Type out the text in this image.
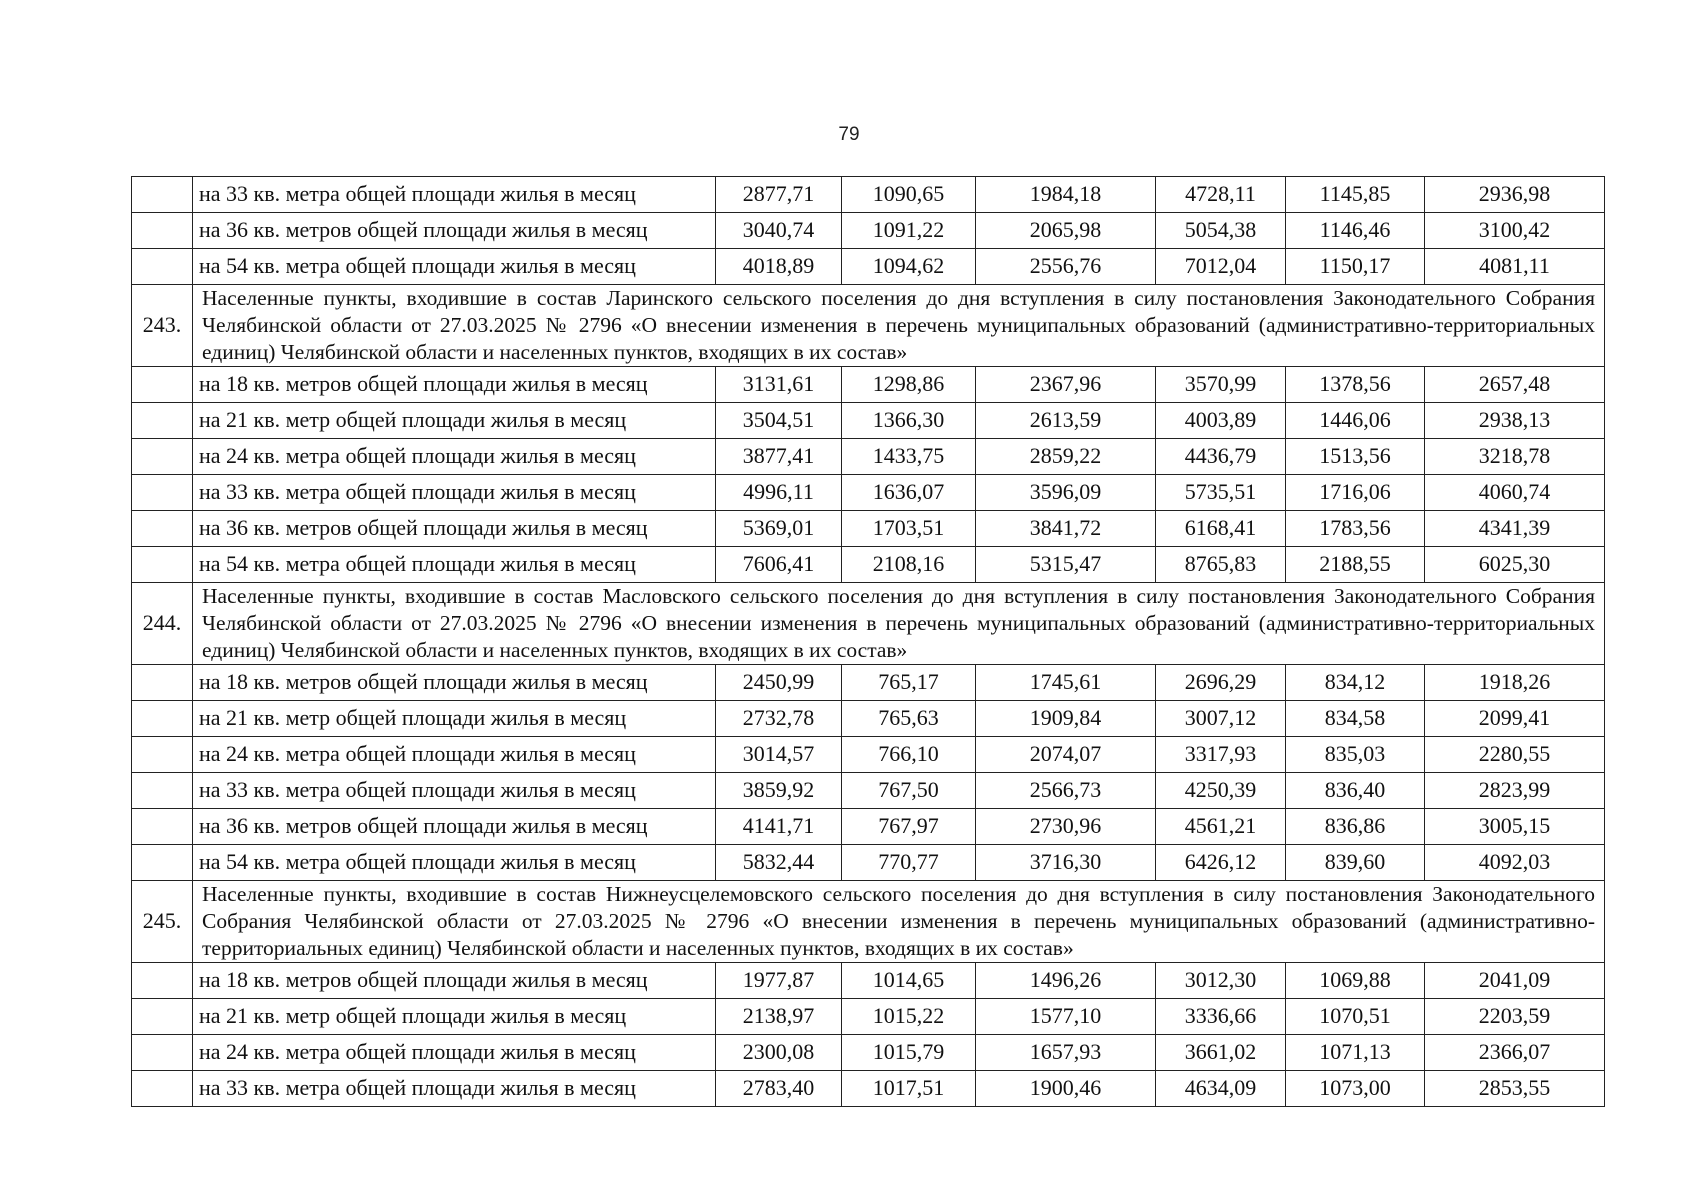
79
	на 33 кв. метра общей площади жилья в месяц	2877,71	1090,65	1984,18	4728,11	1145,85	2936,98
	на 36 кв. метров общей площади жилья в месяц	3040,74	1091,22	2065,98	5054,38	1146,46	3100,42
	на 54 кв. метра общей площади жилья в месяц	4018,89	1094,62	2556,76	7012,04	1150,17	4081,11
243.	Населенные пункты, входившие в состав Ларинского сельского поселения до дня вступления в силу постановления Законодательного Собрания Челябинской области от 27.03.2025 № 2796 «О внесении изменения в перечень муниципальных образований (административно-территориальных единиц) Челябинской области и населенных пунктов, входящих в их состав»						
	на 18 кв. метров общей площади жилья в месяц	3131,61	1298,86	2367,96	3570,99	1378,56	2657,48
	на 21 кв. метр общей площади жилья в месяц	3504,51	1366,30	2613,59	4003,89	1446,06	2938,13
	на 24 кв. метра общей площади жилья в месяц	3877,41	1433,75	2859,22	4436,79	1513,56	3218,78
	на 33 кв. метра общей площади жилья в месяц	4996,11	1636,07	3596,09	5735,51	1716,06	4060,74
	на 36 кв. метров общей площади жилья в месяц	5369,01	1703,51	3841,72	6168,41	1783,56	4341,39
	на 54 кв. метра общей площади жилья в месяц	7606,41	2108,16	5315,47	8765,83	2188,55	6025,30
244.	Населенные пункты, входившие в состав Масловского сельского поселения до дня вступления в силу постановления Законодательного Собрания Челябинской области от 27.03.2025 № 2796 «О внесении изменения в перечень муниципальных образований (административно-территориальных единиц) Челябинской области и населенных пунктов, входящих в их состав»						
	на 18 кв. метров общей площади жилья в месяц	2450,99	765,17	1745,61	2696,29	834,12	1918,26
	на 21 кв. метр общей площади жилья в месяц	2732,78	765,63	1909,84	3007,12	834,58	2099,41
	на 24 кв. метра общей площади жилья в месяц	3014,57	766,10	2074,07	3317,93	835,03	2280,55
	на 33 кв. метра общей площади жилья в месяц	3859,92	767,50	2566,73	4250,39	836,40	2823,99
	на 36 кв. метров общей площади жилья в месяц	4141,71	767,97	2730,96	4561,21	836,86	3005,15
	на 54 кв. метра общей площади жилья в месяц	5832,44	770,77	3716,30	6426,12	839,60	4092,03
245.	Населенные пункты, входившие в состав Нижнеусцелемовского сельского поселения до дня вступления в силу постановления Законодательного Собрания Челябинской области от 27.03.2025 № 2796 «О внесении изменения в перечень муниципальных образований (административно-территориальных единиц) Челябинской области и населенных пунктов, входящих в их состав»						
	на 18 кв. метров общей площади жилья в месяц	1977,87	1014,65	1496,26	3012,30	1069,88	2041,09
	на 21 кв. метр общей площади жилья в месяц	2138,97	1015,22	1577,10	3336,66	1070,51	2203,59
	на 24 кв. метра общей площади жилья в месяц	2300,08	1015,79	1657,93	3661,02	1071,13	2366,07
	на 33 кв. метра общей площади жилья в месяц	2783,40	1017,51	1900,46	4634,09	1073,00	2853,55
